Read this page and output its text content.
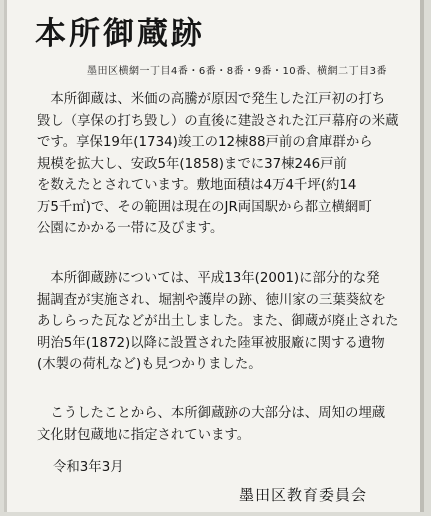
本所御蔵跡
墨田区横網一丁目4番・6番・8番・9番・10番、横網二丁目3番
　本所御蔵は、米価の高騰が原因で発生した江戸初の打ち
毀し（享保の打ち毀し）の直後に建設された江戸幕府の米蔵
です。享保19年(1734)竣工の12棟88戸前の倉庫群から
規模を拡大し、安政5年(1858)までに37棟246戸前
を数えたとされています。敷地面積は4万4千坪(約14
万5千㎡)で、その範囲は現在のJR両国駅から都立横網町
公園にかかる一帯に及びます。
　本所御蔵跡については、平成13年(2001)に部分的な発
掘調査が実施され、堀割や護岸の跡、徳川家の三葉葵紋を
あしらった瓦などが出土しました。また、御蔵が廃止された
明治5年(1872)以降に設置された陸軍被服廠に関する遺物
(木製の荷札など)も見つかりました。
　こうしたことから、本所御蔵跡の大部分は、周知の埋蔵
文化財包蔵地に指定されています。
令和3年3月
墨田区教育委員会
